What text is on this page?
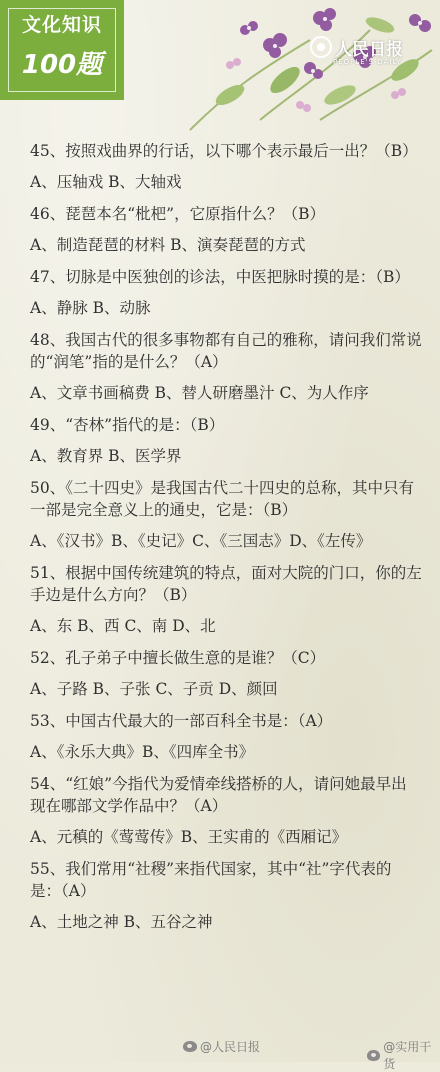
文化知识
100题
人民日报
PEOPLE'S DAILY
45、按照戏曲界的行话，以下哪个表示最后一出？（B）
A、压轴戏 B、大轴戏
46、琵琶本名“枇杷”，它原指什么？（B）
A、制造琵琶的材料 B、演奏琵琶的方式
47、切脉是中医独创的诊法，中医把脉时摸的是：（B）
A、静脉 B、动脉
48、我国古代的很多事物都有自己的雅称，请问我们常说的“润笔”指的是什么？（A）
A、文章书画稿费 B、替人研磨墨汁 C、为人作序
49、“杏林”指代的是：（B）
A、教育界 B、医学界
50、《二十四史》是我国古代二十四史的总称，其中只有一部是完全意义上的通史，它是：（B）
A、《汉书》B、《史记》C、《三国志》D、《左传》
51、根据中国传统建筑的特点，面对大院的门口，你的左手边是什么方向？（B）
A、东 B、西 C、南 D、北
52、孔子弟子中擅长做生意的是谁？（C）
A、子路 B、子张 C、子贡 D、颜回
53、中国古代最大的一部百科全书是：（A）
A、《永乐大典》B、《四库全书》
54、“红娘”今指代为爱情牵线搭桥的人，请问她最早出现在哪部文学作品中？（A）
A、元稹的《莺莺传》B、王实甫的《西厢记》
55、我们常用“社稷”来指代国家，其中“社”字代表的是：（A）
A、土地之神 B、五谷之神
@人民日报	@实用干货
